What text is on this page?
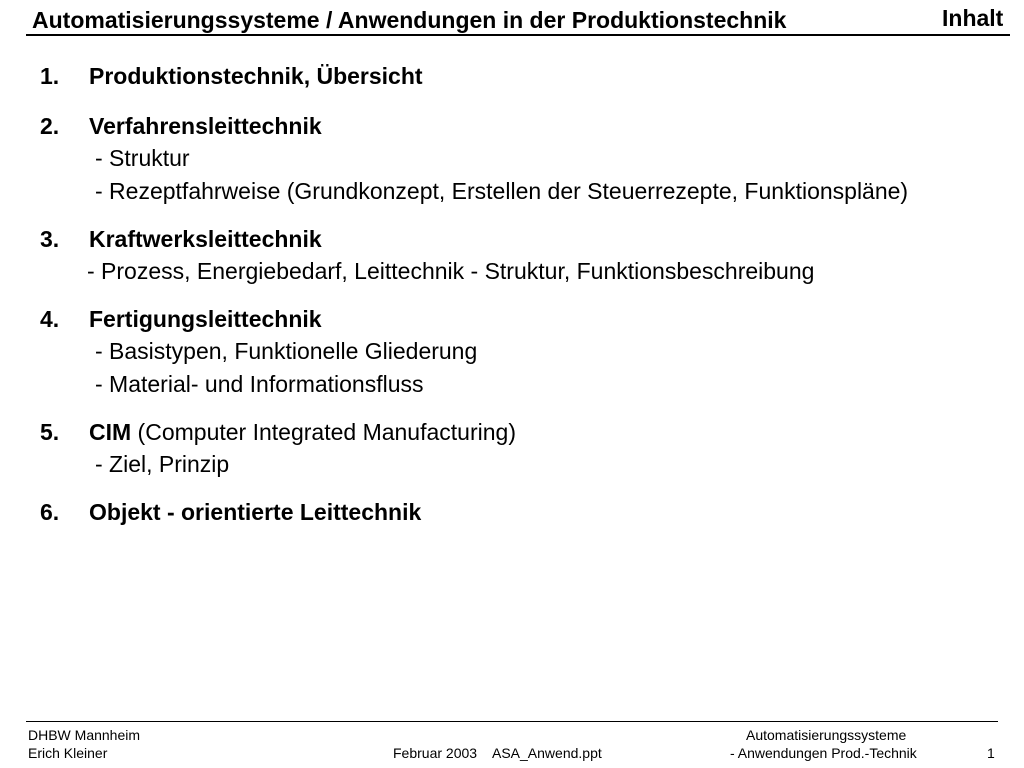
Automatisierungssysteme / Anwendungen in der Produktionstechnik	Inhalt
1. Produktionstechnik, Übersicht
2. Verfahrensleittechnik
- Struktur
- Rezeptfahrweise (Grundkonzept, Erstellen der Steuerrezepte, Funktionspläne)
3. Kraftwerksleittechnik
- Prozess, Energiebedarf, Leittechnik - Struktur, Funktionsbeschreibung
4. Fertigungsleittechnik
- Basistypen, Funktionelle Gliederung
- Material- und Informationsfluss
5. CIM (Computer Integrated Manufacturing)
- Ziel, Prinzip
6. Objekt - orientierte Leittechnik
DHBW Mannheim
Erich Kleiner	Februar 2003 ASA_Anwend.ppt
Automatisierungssysteme
- Anwendungen Prod.-Technik	1
